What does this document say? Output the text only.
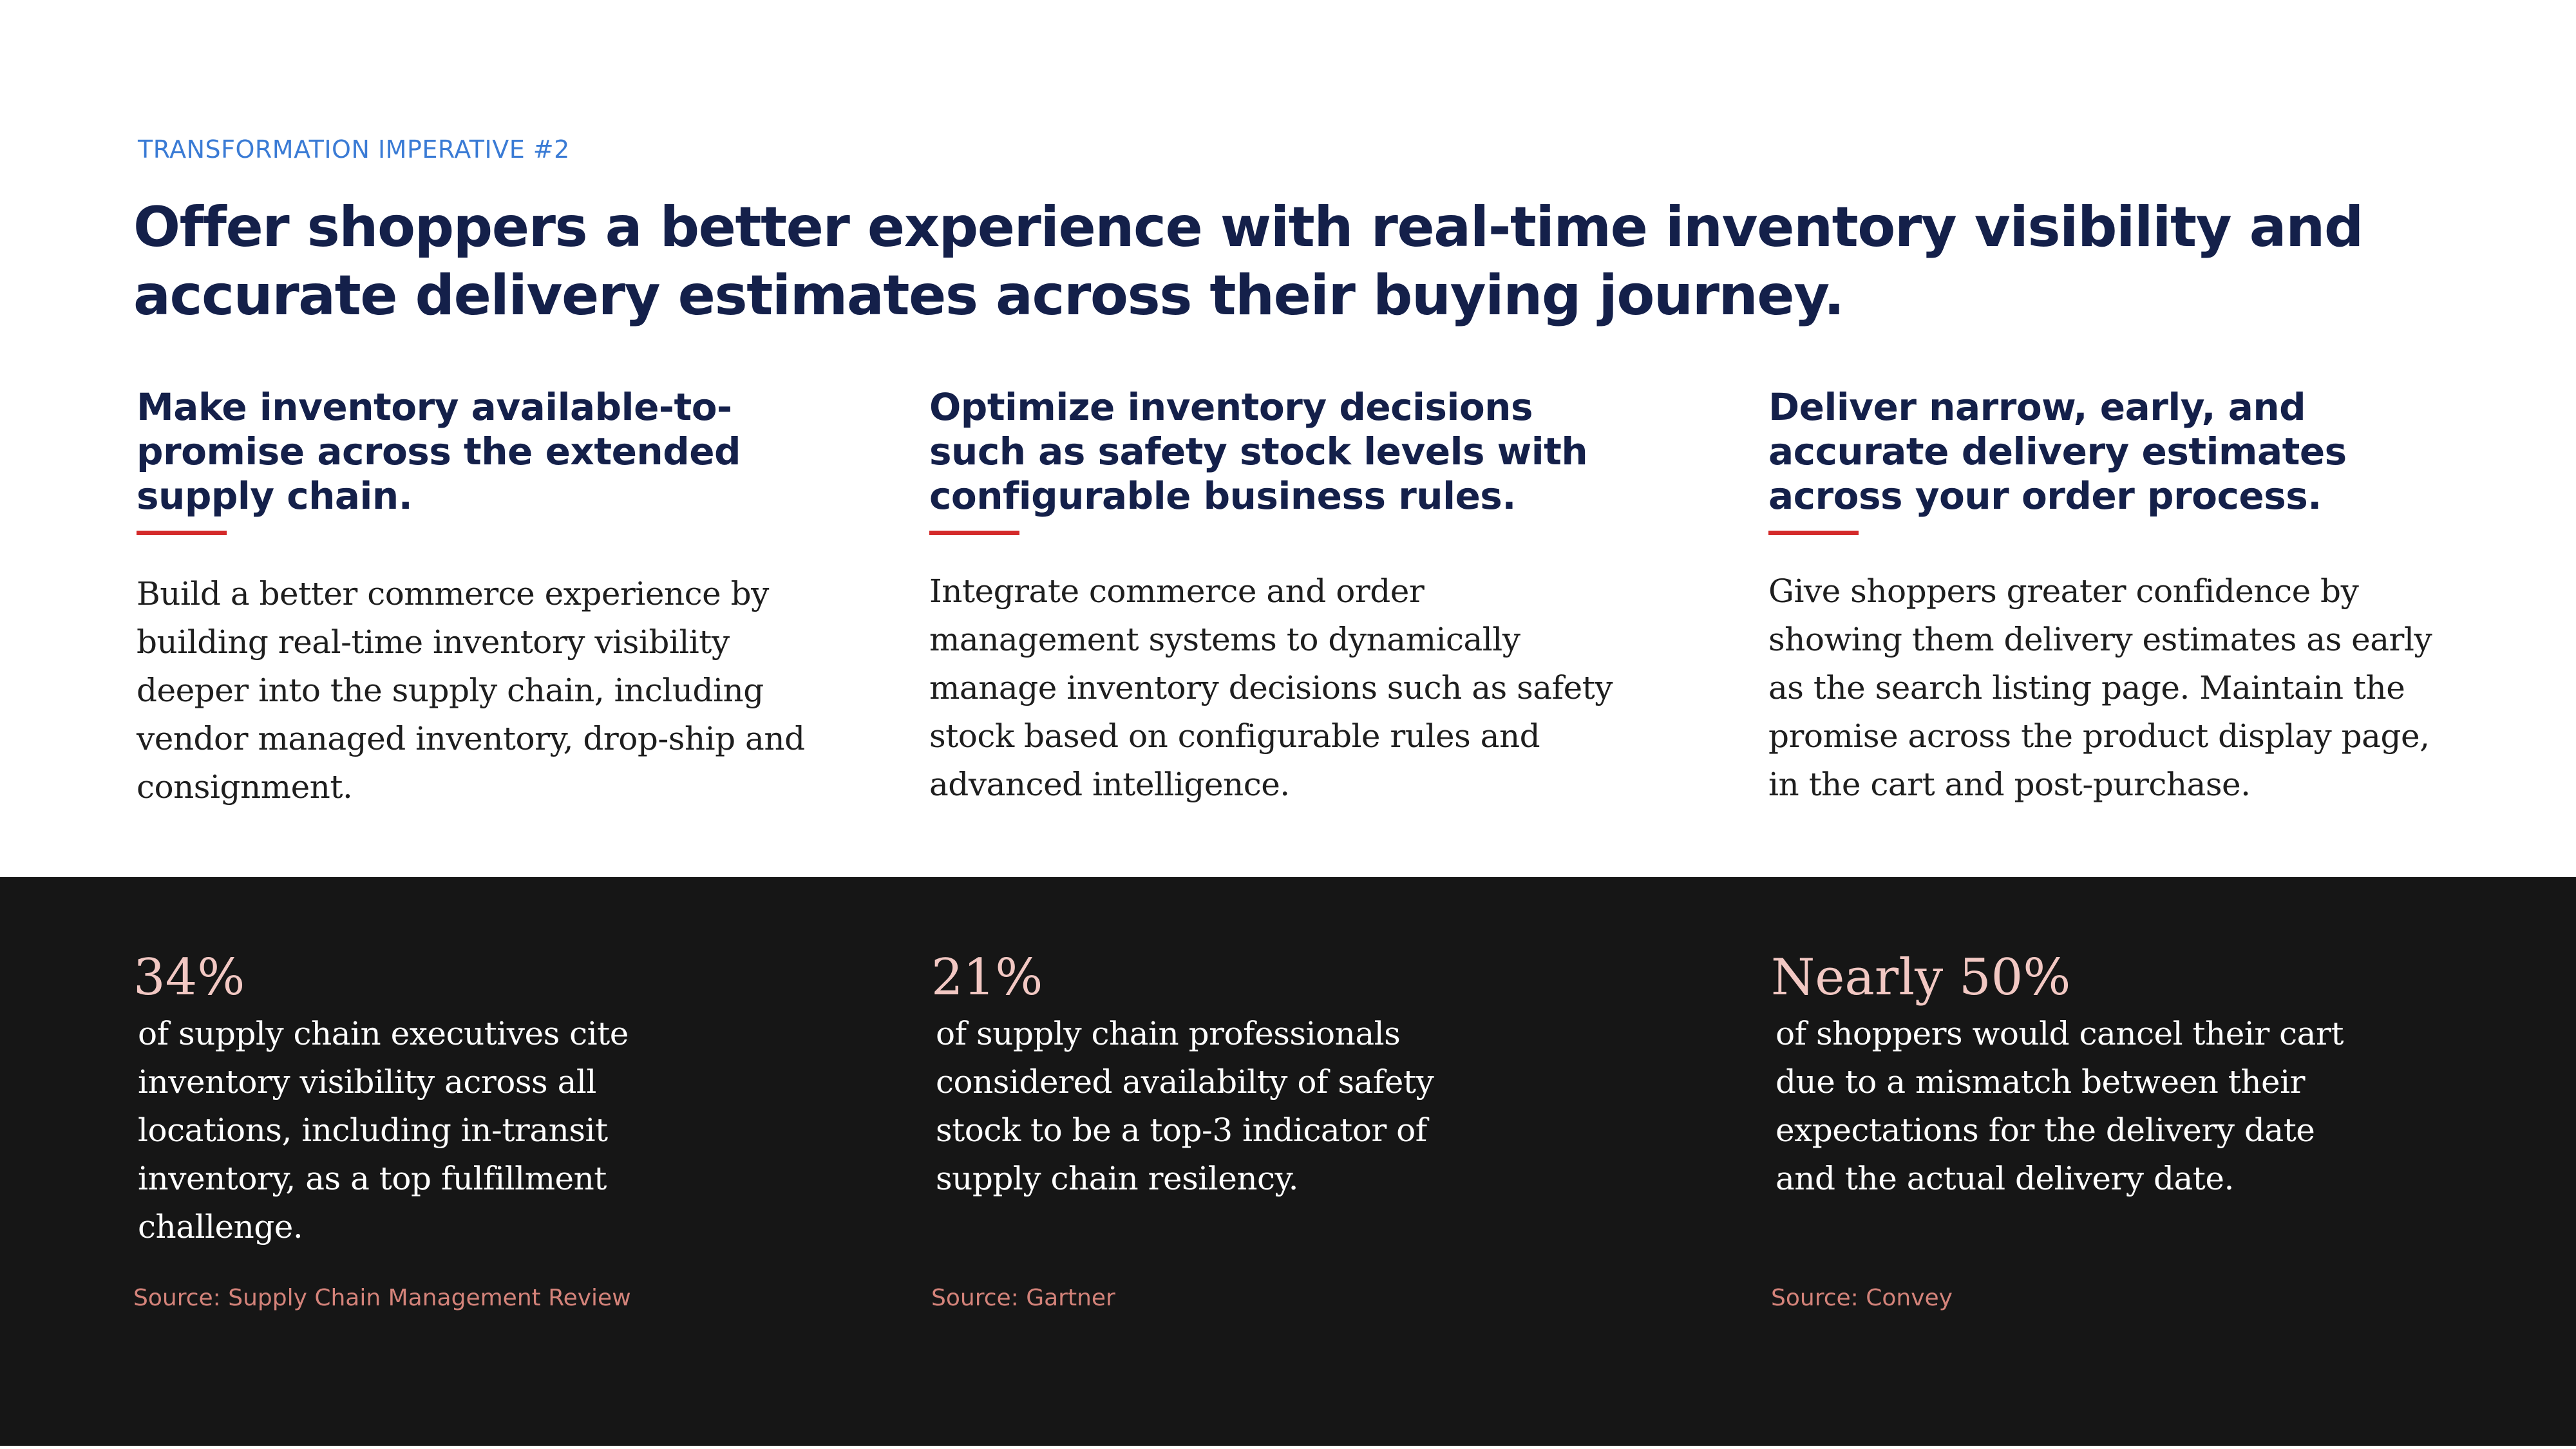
TRANSFORMATION IMPERATIVE #2
Offer shoppers a better experience with real-time inventory visibility and accurate delivery estimates across their buying journey.
Make inventory available-to-promise across the extended supply chain.

Build a better commerce experience by building real-time inventory visibility deeper into the supply chain, including vendor managed inventory, drop-ship and consignment.

Optimize inventory decisions such as safety stock levels with configurable business rules.

Integrate commerce and order management systems to dynamically manage inventory decisions such as safety stock based on configurable rules and advanced intelligence.

Deliver narrow, early, and accurate delivery estimates across your order process.

Give shoppers greater confidence by showing them delivery estimates as early as the search listing page. Maintain the promise across the product display page, in the cart and post-purchase.

34%

of supply chain executives cite inventory visibility across all locations, including in-transit inventory, as a top fulfillment challenge.

21%

of supply chain professionals considered availabilty of safety stock to be a top-3 indicator of supply chain resilency.

Nearly 50%

of shoppers would cancel their cart due to a mismatch between their expectations for the delivery date and the actual delivery date.

Source: Supply Chain Management Review	Source: Gartner	Source: Convey
